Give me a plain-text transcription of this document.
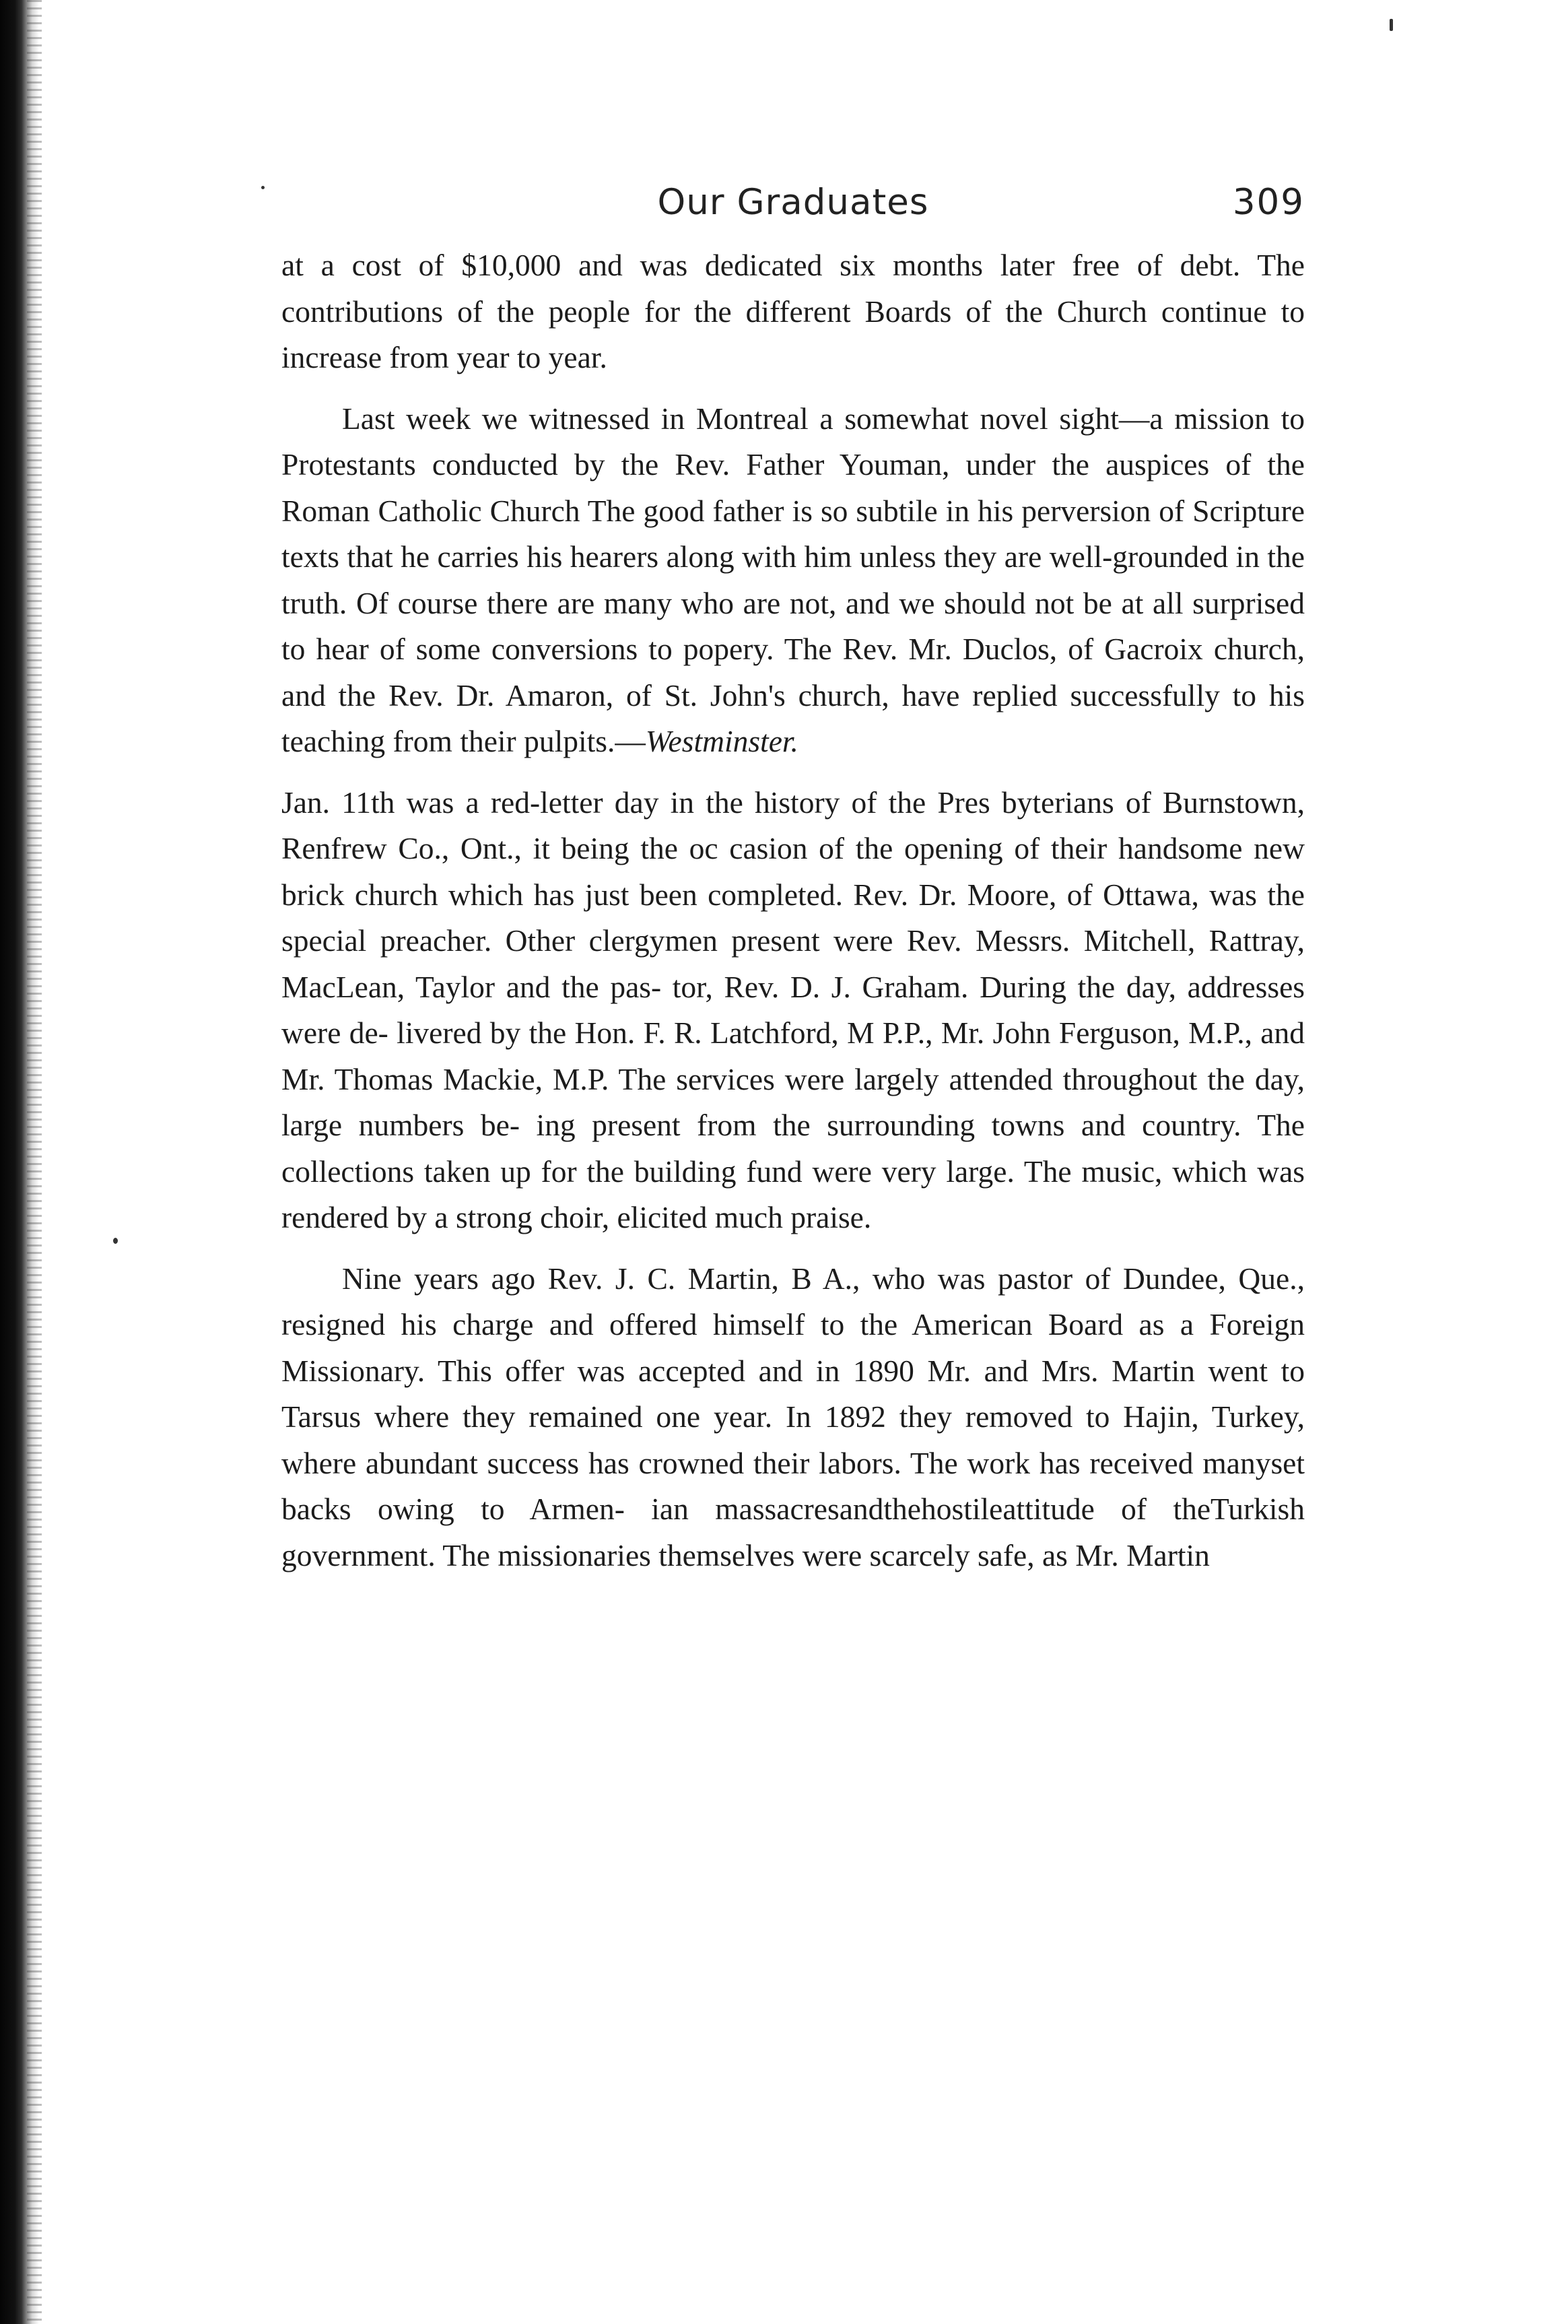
Our Graduates	309

at a cost of $10,000 and was dedicated six months later free of debt. The contributions of the people for the different Boards of the Church continue to increase from year to year.

Last week we witnessed in Montreal a somewhat novel sight—a mission to Protestants conducted by the Rev. Father Youman, under the auspices of the Roman Catholic Church The good father is so subtile in his perversion of Scripture texts that he carries his hearers along with him unless they are well-grounded in the truth. Of course there are many who are not, and we should not be at all surprised to hear of some conversions to popery. The Rev. Mr. Duclos, of Gacroix church, and the Rev. Dr. Amaron, of St. John's church, have replied successfully to his teaching from their pulpits.—Westminster.

Jan. 11th was a red-letter day in the history of the Pres byterians of Burnstown, Renfrew Co., Ont., it being the oc casion of the opening of their handsome new brick church which has just been completed. Rev. Dr. Moore, of Ottawa, was the special preacher. Other clergymen present were Rev. Messrs. Mitchell, Rattray, MacLean, Taylor and the pas- tor, Rev. D. J. Graham. During the day, addresses were de- livered by the Hon. F. R. Latchford, M P.P., Mr. John Ferguson, M.P., and Mr. Thomas Mackie, M.P. The services were largely attended throughout the day, large numbers be- ing present from the surrounding towns and country. The collections taken up for the building fund were very large. The music, which was rendered by a strong choir, elicited much praise.

Nine years ago Rev. J. C. Martin, B A., who was pastor of Dundee, Que., resigned his charge and offered himself to the American Board as a Foreign Missionary. This offer was accepted and in 1890 Mr. and Mrs. Martin went to Tarsus where they remained one year. In 1892 they removed to Hajin, Turkey, where abundant success has crowned their labors. The work has received manyset backs owing to Armen- ian massacresandthehostileattitude of theTurkish government. The missionaries themselves were scarcely safe, as Mr. Martin
